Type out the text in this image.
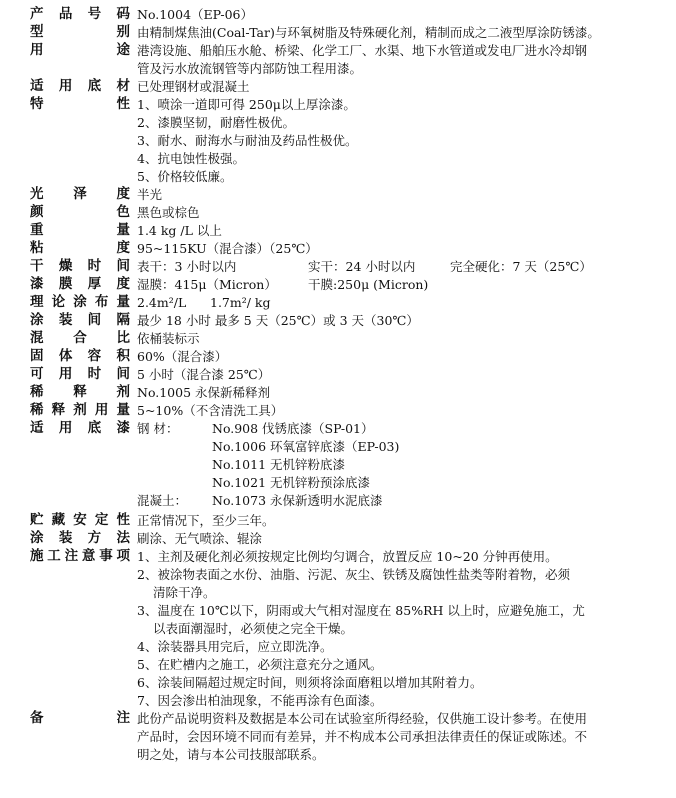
产品号码 No.1004（EP-06）
型别 由精制煤焦油(Coal-Tar)与环氧树脂及特殊硬化剂，精制而成之二液型厚涂防锈漆。
用途 港湾设施、船舶压水舱、桥梁、化学工厂、水渠、地下水管道或发电厂进水冷却钢
管及污水放流钢管等内部防蚀工程用漆。
适用底材 已处理钢材或混凝土
特性 1、喷涂一道即可得 250μ以上厚涂漆。
2、漆膜坚韧，耐磨性极优。
3、耐水、耐海水与耐油及药品性极优。
4、抗电蚀性极强。
5、价格较低廉。
光泽度 半光
颜色 黑色或棕色
重量 1.4 kg /L 以上
粘度 95~115KU（混合漆）（25℃）
干燥时间 表干：3 小时以内	实干：24 小时以内	完全硬化：7 天（25℃）
漆膜厚度 湿膜：415μ（Micron） 干膜:250μ (Micron)
理论涂布量 2.4m²/L 1.7m²/ kg
涂装间隔 最少 18 小时 最多 5 天（25℃）或 3 天（30℃）
混合比 依桶装标示
固体容积 60%（混合漆）
可用时间 5 小时（混合漆 25℃）
稀释剂 No.1005 永保新稀释剂
稀释剂用量 5~10%（不含清洗工具）
适用底漆 钢 材：	No.908 伐锈底漆（SP-01）
No.1006 环氧富锌底漆（EP-03)
No.1011 无机锌粉底漆
No.1021 无机锌粉预涂底漆
混凝土： No.1073 永保新透明水泥底漆
贮藏安定性 正常情况下，至少三年。
涂装方法 刷涂、无气喷涂、辊涂
施工注意事项 1、主剂及硬化剂必须按规定比例均匀调合，放置反应 10~20 分钟再使用。
2、被涂物表面之水份、油脂、污泥、灰尘、铁锈及腐蚀性盐类等附着物，必须
清除干净。
3、温度在 10℃以下，阴雨或大气相对湿度在 85%RH 以上时，应避免施工，尤
以表面潮湿时，必须使之完全干燥。
4、涂装器具用完后，应立即洗净。
5、在贮槽内之施工，必须注意充分之通风。
6、涂装间隔超过规定时间，则须将涂面磨粗以增加其附着力。
7、因会渗出柏油现象，不能再涂有色面漆。
备注 此份产品说明资料及数据是本公司在试验室所得经验，仅供施工设计参考。在使用
产品时，会因环境不同而有差异，并不构成本公司承担法律责任的保证或陈述。不
明之处，请与本公司技服部联系。
